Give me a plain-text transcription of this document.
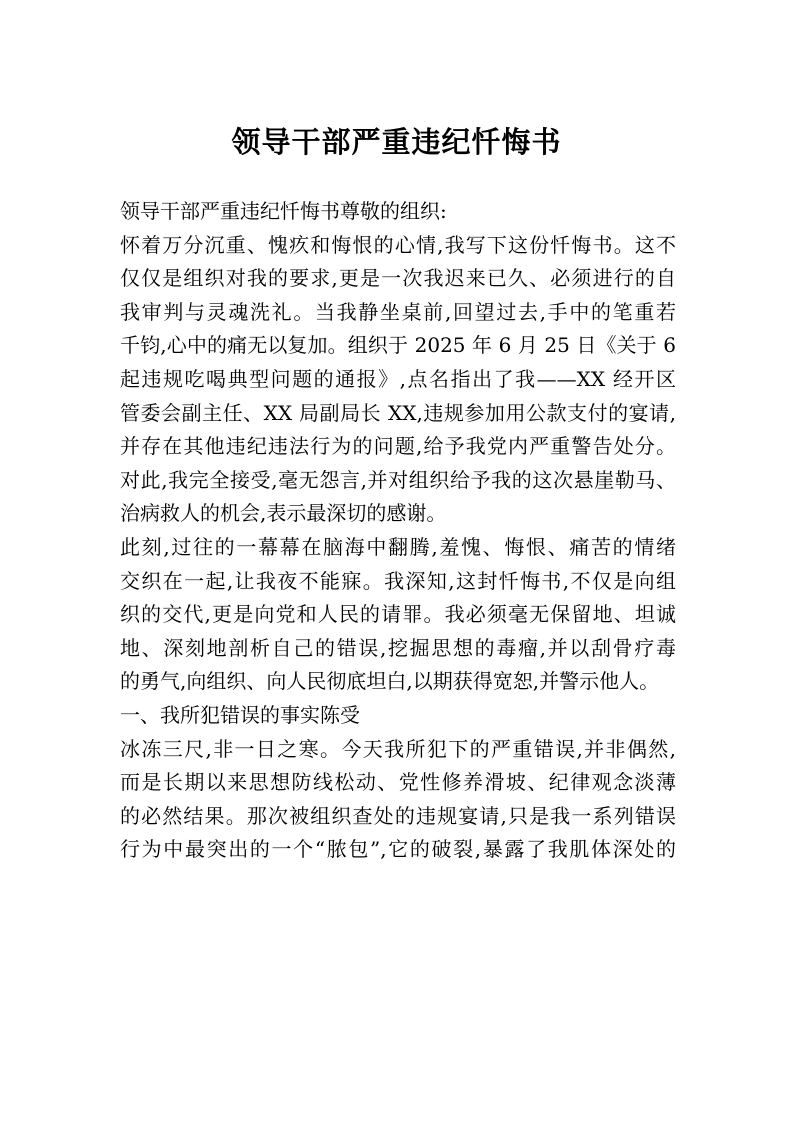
领导干部严重违纪忏悔书
领导干部严重违纪忏悔书尊敬的组织:
怀着万分沉重、愧疚和悔恨的心情,我写下这份忏悔书。这不
仅仅是组织对我的要求,更是一次我迟来已久、必须进行的自
我审判与灵魂洗礼。当我静坐桌前,回望过去,手中的笔重若
千钧,心中的痛无以复加。组织于 2025 年 6 月 25 日《关于 6
起违规吃喝典型问题的通报》,点名指出了我——XX 经开区
管委会副主任、XX 局副局长 XX,违规参加用公款支付的宴请,
并存在其他违纪违法行为的问题,给予我党内严重警告处分。
对此,我完全接受,毫无怨言,并对组织给予我的这次悬崖勒马、
治病救人的机会,表示最深切的感谢。
此刻,过往的一幕幕在脑海中翻腾,羞愧、悔恨、痛苦的情绪
交织在一起,让我夜不能寐。我深知,这封忏悔书,不仅是向组
织的交代,更是向党和人民的请罪。我必须毫无保留地、坦诚
地、深刻地剖析自己的错误,挖掘思想的毒瘤,并以刮骨疗毒
的勇气,向组织、向人民彻底坦白,以期获得宽恕,并警示他人。
一、我所犯错误的事实陈受
冰冻三尺,非一日之寒。今天我所犯下的严重错误,并非偶然,
而是长期以来思想防线松动、党性修养滑坡、纪律观念淡薄
的必然结果。那次被组织查处的违规宴请,只是我一系列错误
行为中最突出的一个“脓包”,它的破裂,暴露了我肌体深处的
